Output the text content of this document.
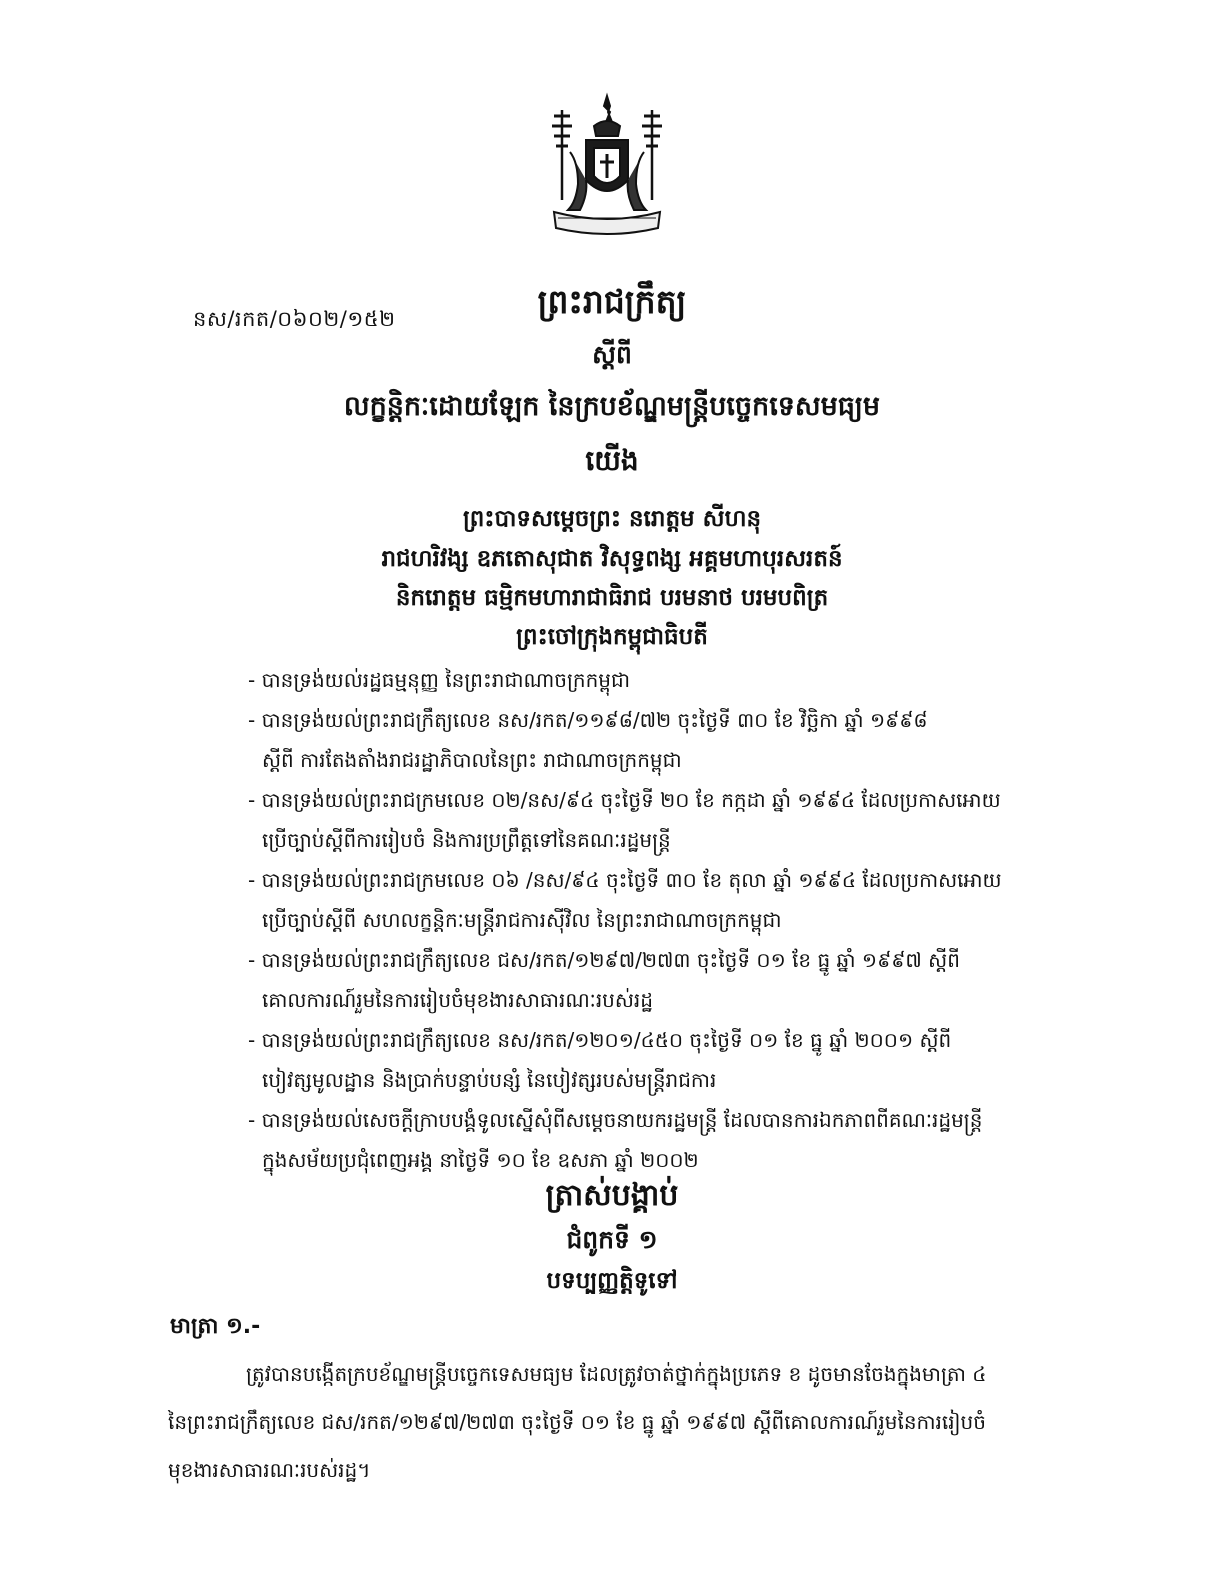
នស/រកត/០៦០២/១៥២	ព្រះរាជក្រឹត្យ
ស្តីពី
លក្ខន្តិកៈដោយឡែក នៃក្របខ័ណ្ឌមន្ត្រីបច្ចេកទេសមធ្យម
យើង
ព្រះបាទសម្តេចព្រះ នរោត្តម សីហនុ
រាជហរិវង្ស ឧភតោសុជាត វិសុទ្ធពង្ស អគ្គមហាបុរសរតន៍
និករោត្តម ធម្មិកមហារាជាធិរាជ បរមនាថ បរមបពិត្រ
ព្រះចៅក្រុងកម្ពុជាធិបតី
- បានទ្រង់យល់រដ្ឋធម្មនុញ្ញ នៃព្រះរាជាណាចក្រកម្ពុជា
- បានទ្រង់យល់ព្រះរាជក្រឹត្យលេខ នស/រកត/១១៩៨/៧២ ចុះថ្ងៃទី ៣០ ខែ វិច្ឆិកា ឆ្នាំ ១៩៩៨
ស្តីពី ការតែងតាំងរាជរដ្ឋាភិបាលនៃព្រះ រាជាណាចក្រកម្ពុជា
- បានទ្រង់យល់ព្រះរាជក្រមលេខ ០២/នស/៩៤ ចុះថ្ងៃទី ២០ ខែ កក្កដា ឆ្នាំ ១៩៩៤ ដែលប្រកាសអោយ
ប្រើច្បាប់ស្តីពីការរៀបចំ និងការប្រព្រឹត្តទៅនៃគណៈរដ្ឋមន្ត្រី
- បានទ្រង់យល់ព្រះរាជក្រមលេខ ០៦ /នស/៩៤ ចុះថ្ងៃទី ៣០ ខែ តុលា ឆ្នាំ ១៩៩៤ ដែលប្រកាសអោយ
ប្រើច្បាប់ស្តីពី សហលក្ខន្តិកៈមន្ត្រីរាជការស៊ីវិល នៃព្រះរាជាណាចក្រកម្ពុជា
- បានទ្រង់យល់ព្រះរាជក្រឹត្យលេខ ជស/រកត/១២៩៧/២៧៣ ចុះថ្ងៃទី ០១ ខែ ធ្នូ ឆ្នាំ ១៩៩៧ ស្តីពី
គោលការណ៍រួមនៃការរៀបចំមុខងារសាធារណៈរបស់រដ្ឋ
- បានទ្រង់យល់ព្រះរាជក្រឹត្យលេខ នស/រកត/១២០១/៤៥០ ចុះថ្ងៃទី ០១ ខែ ធ្នូ ឆ្នាំ ២០០១ ស្តីពី
បៀវត្សមូលដ្ឋាន និងប្រាក់បន្ទាប់បន្សំ នៃបៀវត្សរបស់មន្ត្រីរាជការ
- បានទ្រង់យល់សេចក្តីក្រាបបង្គំទូលស្នើសុំពីសម្តេចនាយករដ្ឋមន្ត្រី ដែលបានការឯកភាពពីគណៈរដ្ឋមន្ត្រី
ក្នុងសម័យប្រជុំពេញអង្គ នាថ្ងៃទី ១០ ខែ ឧសភា ឆ្នាំ ២០០២
ត្រាស់បង្គាប់
ជំពូកទី ១
បទប្បញ្ញត្តិទូទៅ
មាត្រា ១.-
ត្រូវបានបង្កើតក្របខ័ណ្ឌមន្ត្រីបច្ចេកទេសមធ្យម ដែលត្រូវចាត់ថ្នាក់ក្នុងប្រភេទ ខ ដូចមានចែងក្នុងមាត្រា ៤
នៃព្រះរាជក្រឹត្យលេខ ជស/រកត/១២៩៧/២៧៣ ចុះថ្ងៃទី ០១ ខែ ធ្នូ ឆ្នាំ ១៩៩៧ ស្តីពីគោលការណ៍រួមនៃការរៀបចំ
មុខងារសាធារណៈរបស់រដ្ឋ។
